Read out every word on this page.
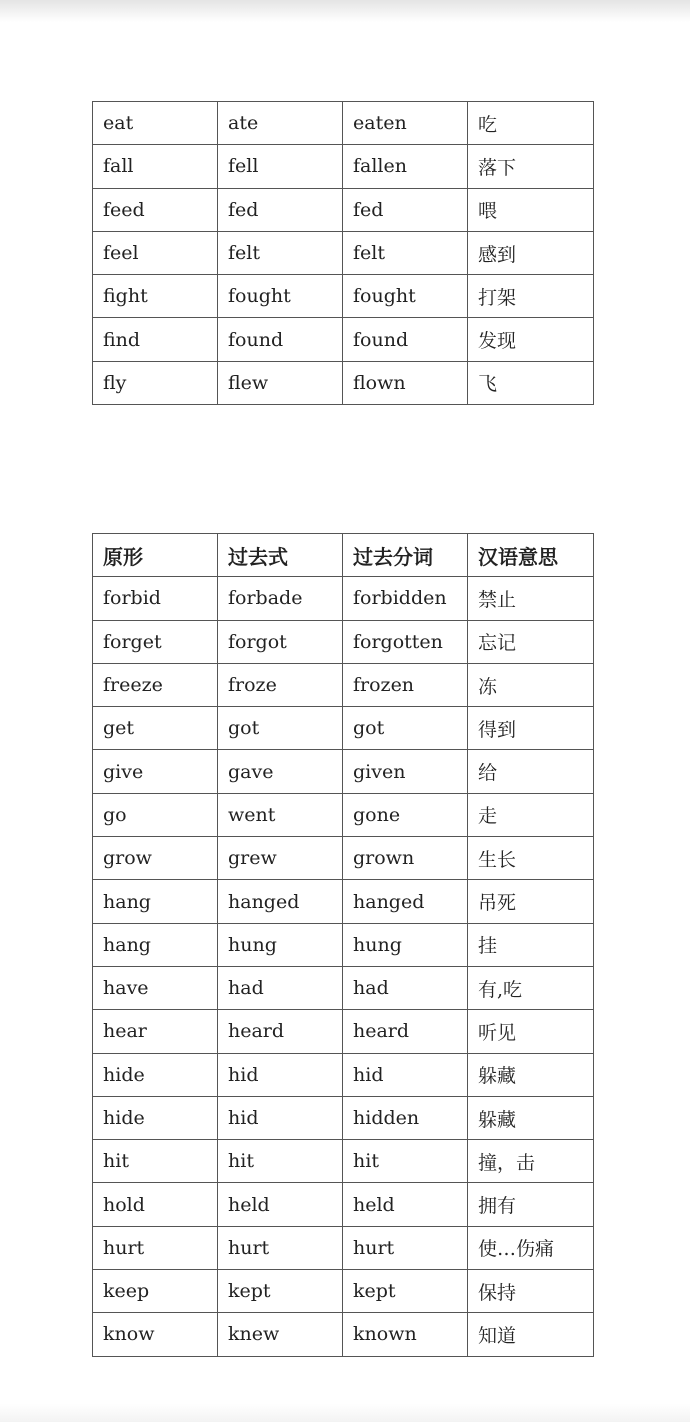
eat	ate	eaten	吃
fall	fell	fallen	落下
feed	fed	fed	喂
feel	felt	felt	感到
fight	fought	fought	打架
find	found	found	发现
fly	flew	flown	飞
原形	过去式	过去分词	汉语意思
forbid	forbade	forbidden	禁止
forget	forgot	forgotten	忘记
freeze	froze	frozen	冻
get	got	got	得到
give	gave	given	给
go	went	gone	走
grow	grew	grown	生长
hang	hanged	hanged	吊死
hang	hung	hung	挂
have	had	had	有,吃
hear	heard	heard	听见
hide	hid	hid	躲藏
hide	hid	hidden	躲藏
hit	hit	hit	撞，击
hold	held	held	拥有
hurt	hurt	hurt	使…伤痛
keep	kept	kept	保持
know	knew	known	知道
